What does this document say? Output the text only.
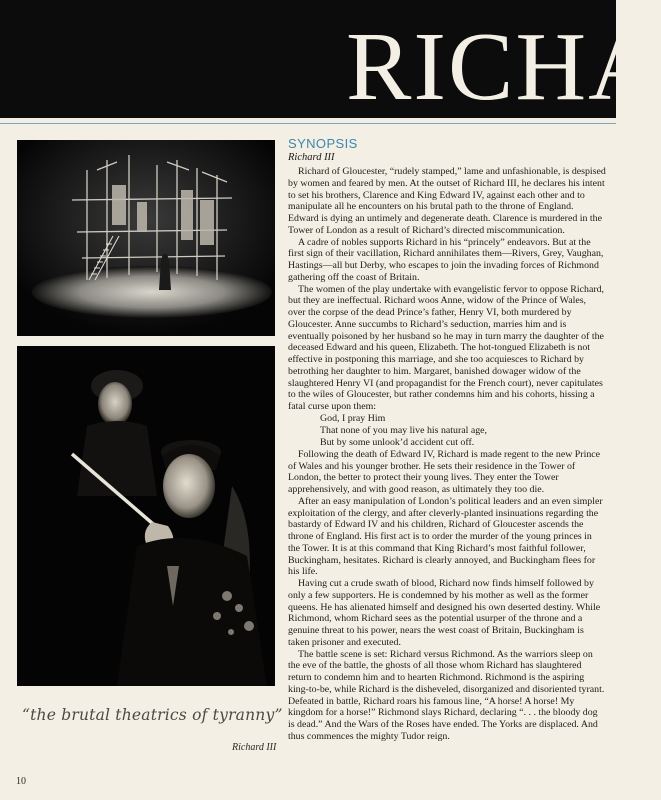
RICHA
“the brutal theatrics of tyranny”
Richard III
10
SYNOPSIS
Richard III

Richard of Gloucester, “rudely stamped,” lame and unfashionable, is despised by women and feared by men. At the outset of Richard III, he declares his intent to set his brothers, Clarence and King Edward IV, against each other and to manipulate all he encounters on his brutal path to the throne of England. Edward is dying an untimely and degenerate death. Clarence is murdered in the Tower of London as a result of Richard’s directed miscommunication.

A cadre of nobles supports Richard in his “princely” endeavors. But at the first sign of their vacillation, Richard annihilates them—Rivers, Grey, Vaughan, Hastings—all but Derby, who escapes to join the invading forces of Richmond gathering off the coast of Britain.

The women of the play undertake with evangelistic fervor to oppose Richard, but they are ineffectual. Richard woos Anne, widow of the Prince of Wales, over the corpse of the dead Prince’s father, Henry VI, both murdered by Gloucester. Anne succumbs to Richard’s seduction, marries him and is eventually poisoned by her husband so he may in turn marry the daughter of the deceased Edward and his queen, Elizabeth. The hot-tongued Elizabeth is not effective in postponing this marriage, and she too acquiesces to Richard by betrothing her daughter to him. Margaret, banished dowager widow of the slaughtered Henry VI (and propagandist for the French court), never capitulates to the wiles of Gloucester, but rather condemns him and his cohorts, hissing a fatal curse upon them:

God, I pray Him
That none of you may live his natural age,
But by some unlook’d accident cut off.

Following the death of Edward IV, Richard is made regent to the new Prince of Wales and his younger brother. He sets their residence in the Tower of London, the better to protect their young lives. They enter the Tower apprehensively, and with good reason, as ultimately they too die.

After an easy manipulation of London’s political leaders and an even simpler exploitation of the clergy, and after cleverly-planted insinuations regarding the bastardy of Edward IV and his children, Richard of Gloucester ascends the throne of England. His first act is to order the murder of the young princes in the Tower. It is at this command that King Richard’s most faithful follower, Buckingham, hesitates. Richard is clearly annoyed, and Buckingham flees for his life.

Having cut a crude swath of blood, Richard now finds himself followed by only a few supporters. He is condemned by his mother as well as the former queens. He has alienated himself and designed his own deserted destiny. While Richmond, whom Richard sees as the potential usurper of the throne and a genuine threat to his power, nears the west coast of Britain, Buckingham is taken prisoner and executed.

The battle scene is set: Richard versus Richmond. As the warriors sleep on the eve of the battle, the ghosts of all those whom Richard has slaughtered return to condemn him and to hearten Richmond. Richmond is the aspiring king-to-be, while Richard is the disheveled, disorganized and disoriented tyrant. Defeated in battle, Richard roars his famous line, “A horse! A horse! My kingdom for a horse!” Richmond slays Richard, declaring “. . . the bloody dog is dead.” And the Wars of the Roses have ended. The Yorks are displaced. And thus commences the mighty Tudor reign.
